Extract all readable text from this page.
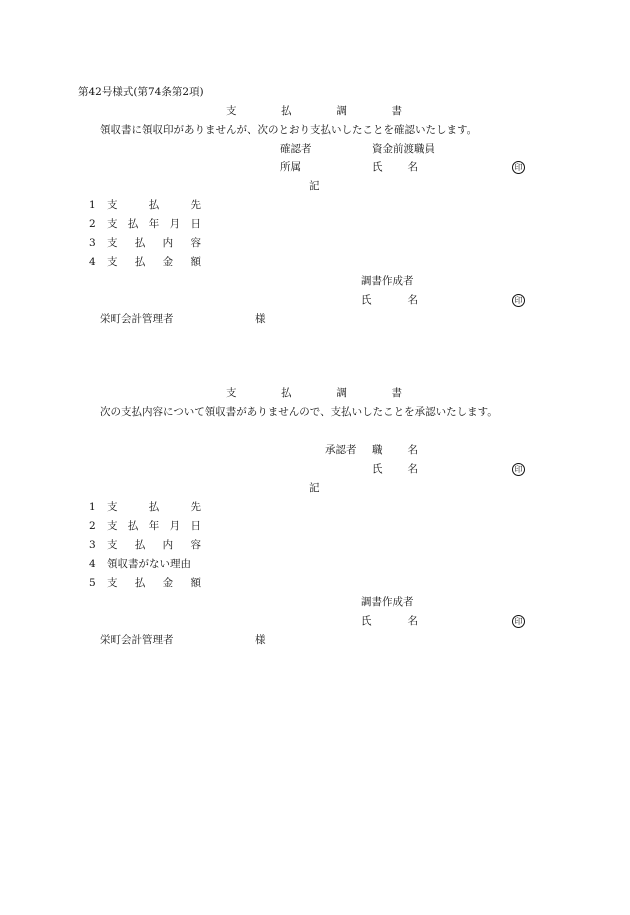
第42号様式(第74条第2項)
支	払	調	書
領収書に領収印がありませんが、次のとおり支払いしたことを確認いたします。
確認者	資金前渡職員
所属	氏 名	印
記
1 支	払	先
2 支 払 年 月 日
3 支 払 内 容
4 支 払 金 額
調書作成者
氏	名	印
栄町会計管理者	様
支	払	調	書
次の支払内容について領収書がありませんので、支払いしたことを承認いたします。
承認者 職 名
氏 名	印
記
1 支	払	先
2 支 払 年 月 日
3 支 払 内 容
4 領収書がない理由
5 支 払 金 額
調書作成者
氏	名	印
栄町会計管理者	様
